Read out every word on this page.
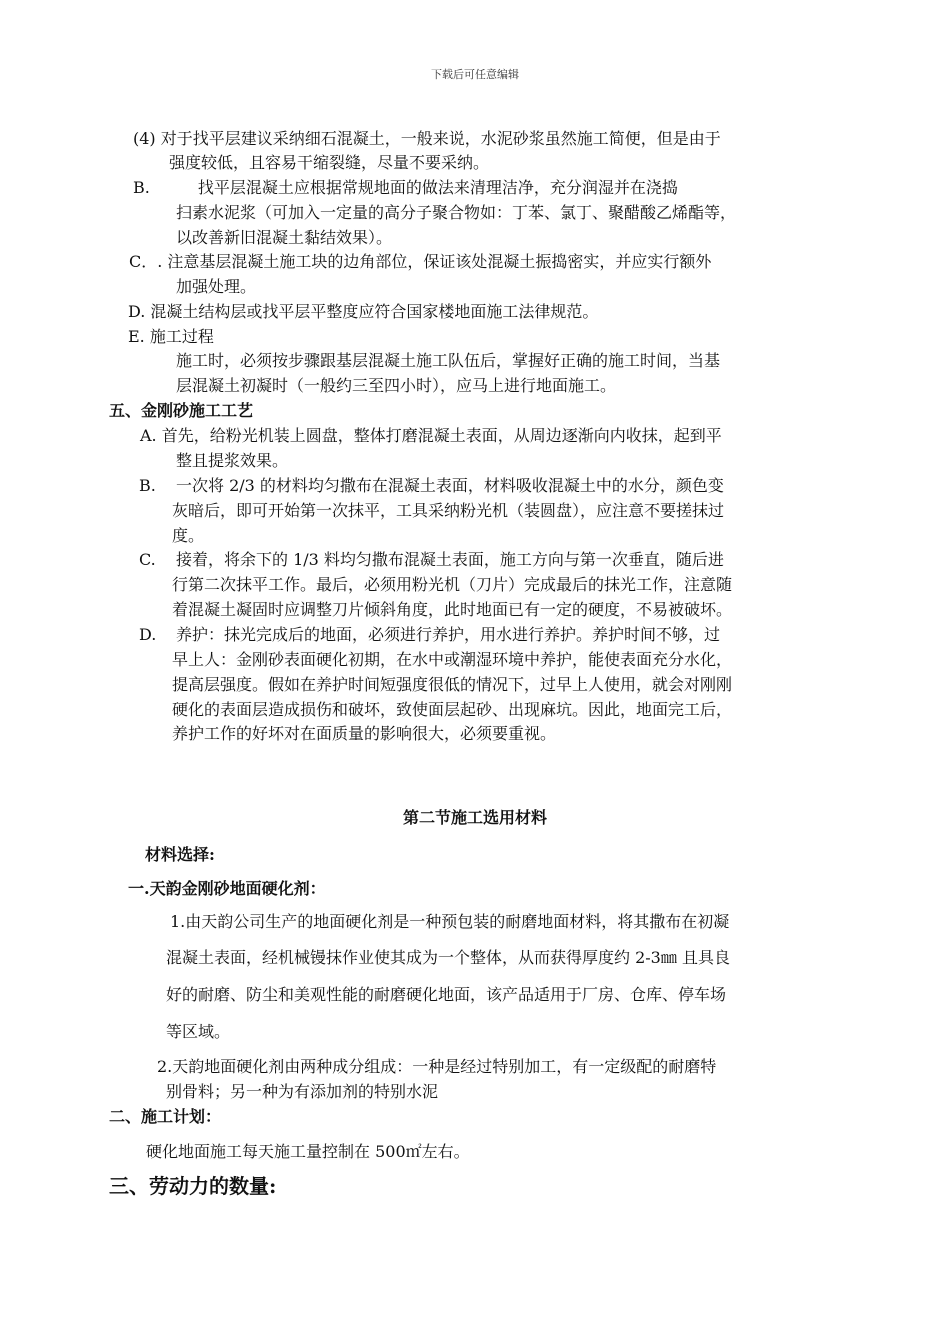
下载后可任意编辑
(4) 对于找平层建议采纳细石混凝土，一般来说，水泥砂浆虽然施工简便，但是由于
强度较低，且容易干缩裂缝，尽量不要采纳。
B.　　　找平层混凝土应根据常规地面的做法来清理洁净，充分润湿并在浇捣
扫素水泥浆（可加入一定量的高分子聚合物如：丁苯、氯丁、聚醋酸乙烯酯等，
以改善新旧混凝土黏结效果）。
C．. 注意基层混凝土施工块的边角部位，保证该处混凝土振捣密实，并应实行额外
加强处理。
D. 混凝土结构层或找平层平整度应符合国家楼地面施工法律规范。
E. 施工过程
施工时，必须按步骤跟基层混凝土施工队伍后，掌握好正确的施工时间，当基
层混凝土初凝时（一般约三至四小时），应马上进行地面施工。
五、金刚砂施工工艺
A. 首先，给粉光机装上圆盘，整体打磨混凝土表面，从周边逐渐向内收抹，起到平
整且提浆效果。
B. 一次将 2/3 的材料均匀撒布在混凝土表面，材料吸收混凝土中的水分，颜色变
灰暗后，即可开始第一次抹平，工具采纳粉光机（装圆盘），应注意不要搓抹过
度。
C. 接着，将余下的 1/3 料均匀撒布混凝土表面，施工方向与第一次垂直，随后进
行第二次抹平工作。最后，必须用粉光机（刀片）完成最后的抹光工作，注意随
着混凝土凝固时应调整刀片倾斜角度，此时地面已有一定的硬度，不易被破坏。
D. 养护：抹光完成后的地面，必须进行养护，用水进行养护。养护时间不够，过
早上人：金刚砂表面硬化初期，在水中或潮湿环境中养护，能使表面充分水化，
提高层强度。假如在养护时间短强度很低的情况下，过早上人使用，就会对刚刚
硬化的表面层造成损伤和破坏，致使面层起砂、出现麻坑。因此，地面完工后，
养护工作的好坏对在面质量的影响很大，必须要重视。
第二节施工选用材料
材料选择:
一.天韵金刚砂地面硬化剂：
1.由天韵公司生产的地面硬化剂是一种预包装的耐磨地面材料，将其撒布在初凝
混凝土表面，经机械镘抹作业使其成为一个整体，从而获得厚度约 2-3㎜ 且具良
好的耐磨、防尘和美观性能的耐磨硬化地面，该产品适用于厂房、仓库、停车场
等区域。
2.天韵地面硬化剂由两种成分组成：一种是经过特别加工，有一定级配的耐磨特
别骨料；另一种为有添加剂的特别水泥
二、施工计划：
硬化地面施工每天施工量控制在 500㎡左右。
三、劳动力的数量:
